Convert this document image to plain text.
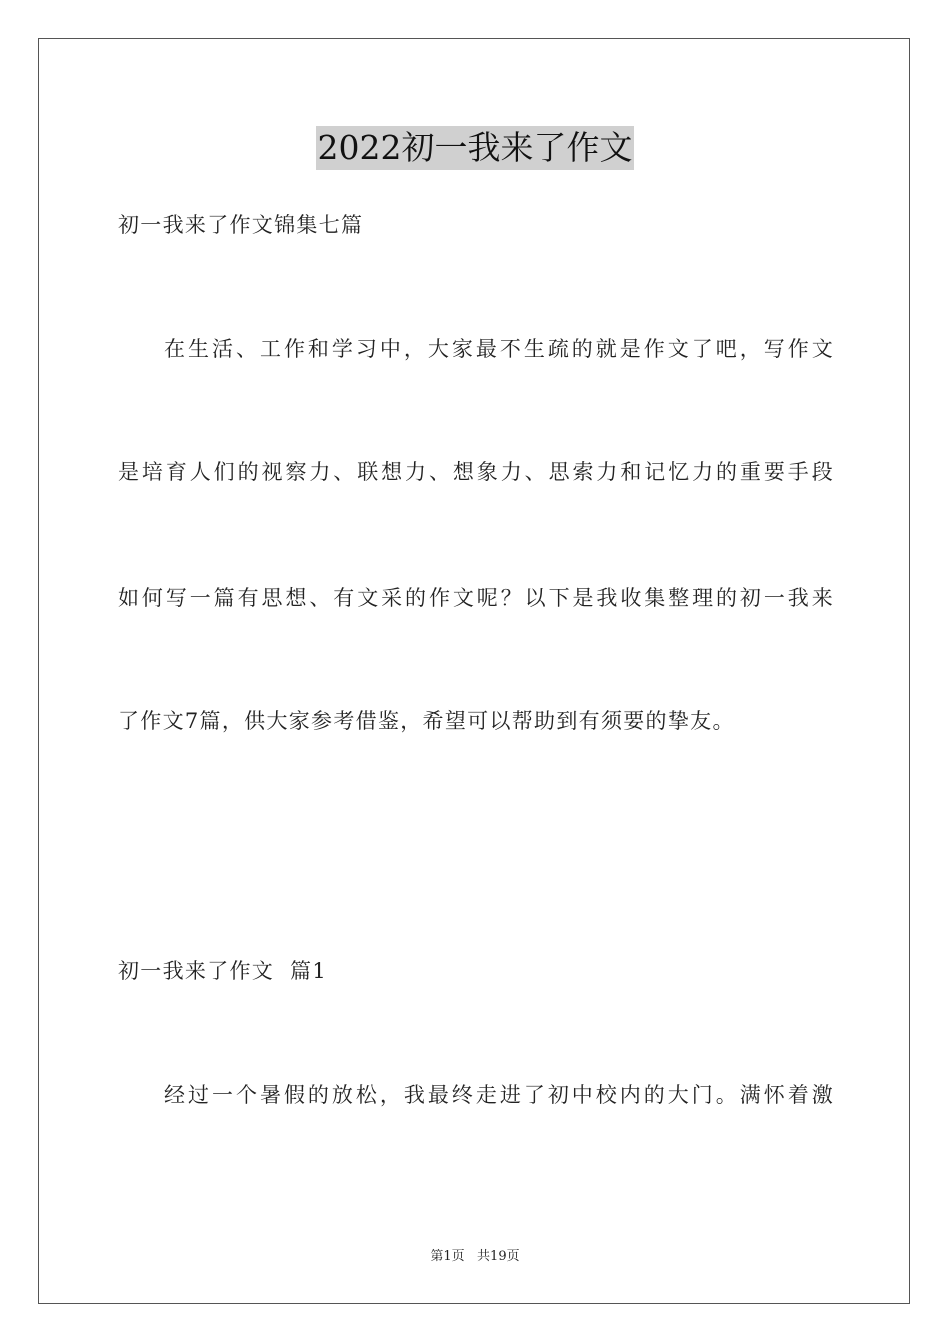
2022初一我来了作文
初一我来了作文锦集七篇
在生活、工作和学习中，大家最不生疏的就是作文了吧，写作文
是培育人们的视察力、联想力、想象力、思索力和记忆力的重要手段
如何写一篇有思想、有文采的作文呢？以下是我收集整理的初一我来
了作文7篇，供大家参考借鉴，希望可以帮助到有须要的挚友。
初一我来了作文  篇1
经过一个暑假的放松，我最终走进了初中校内的大门。满怀着激
第1页   共19页
